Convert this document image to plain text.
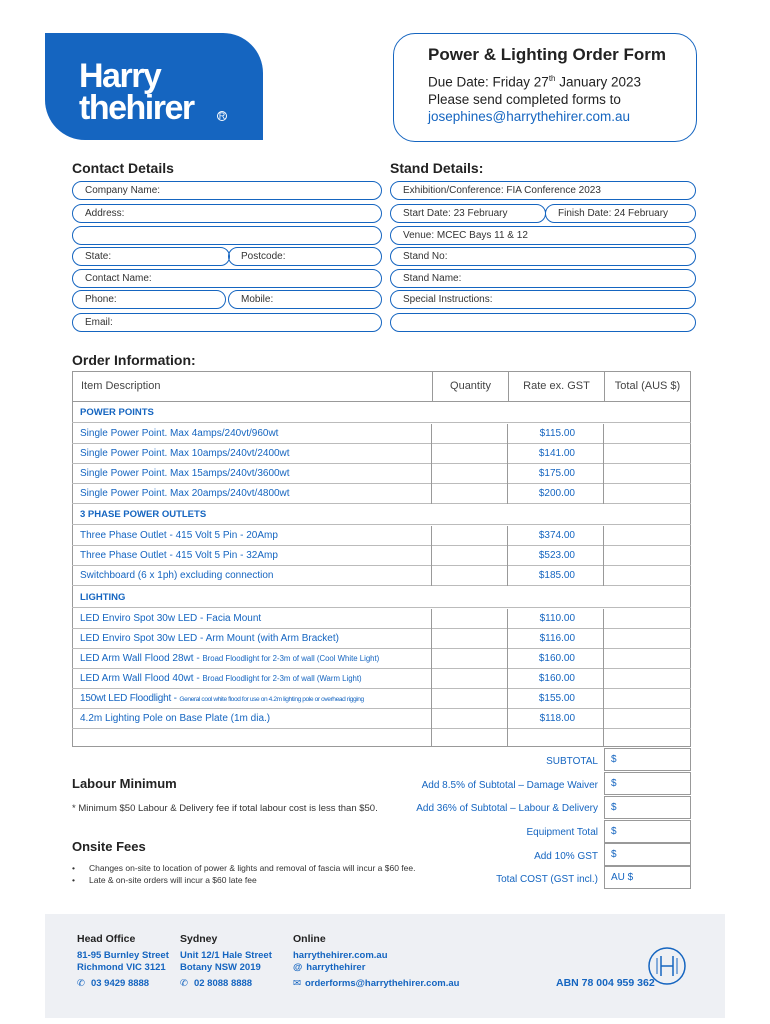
Harry
thehirer	R
Power & Lighting Order Form
Due Date: Friday 27th January 2023
Please send completed forms to
josephines@harrythehirer.com.au
Contact Details
Company Name:
Address:
State:	Postcode:
Contact Name:
Phone:	Mobile:
Email:
Stand Details:
Exhibition/Conference: FIA Conference 2023
Start Date: 23 February	Finish Date: 24 February
Venue: MCEC Bays 11 & 12
Stand No:
Stand Name:
Special Instructions:
Order Information:
Item Description	Quantity	Rate ex. GST	Total (AUS $)
POWER POINTS
Single Power Point. Max 4amps/240vt/960wt	$115.00
Single Power Point. Max 10amps/240vt/2400wt	$141.00
Single Power Point. Max 15amps/240vt/3600wt	$175.00
Single Power Point. Max 20amps/240vt/4800wt	$200.00
3 PHASE POWER OUTLETS
Three Phase Outlet - 415 Volt 5 Pin - 20Amp	$374.00
Three Phase Outlet - 415 Volt 5 Pin - 32Amp	$523.00
Switchboard (6 x 1ph) excluding connection	$185.00
LIGHTING
LED Enviro Spot 30w LED - Facia Mount	$110.00
LED Enviro Spot 30w LED - Arm Mount (with Arm Bracket)	$116.00
LED Arm Wall Flood 28wt - Broad Floodlight for 2-3m of wall (Cool White Light)	$160.00
LED Arm Wall Flood 40wt - Broad Floodlight for 2-3m of wall (Warm Light)	$160.00
150wt LED Floodlight - General cool white flood for use on 4.2m lighting pole or overhead rigging	$155.00
4.2m Lighting Pole on Base Plate (1m dia.)	$118.00
SUBTOTAL	$
Add 8.5% of Subtotal – Damage Waiver	$
Add 36% of Subtotal – Labour & Delivery	$
Equipment Total	$
Add 10% GST	$
Total COST (GST incl.)	AU $
Labour Minimum
* Minimum $50 Labour & Delivery fee if total labour cost is less than $50.
Onsite Fees
• Changes on-site to location of power & lights and removal of fascia will incur a $60 fee.
• Late & on-site orders will incur a $60 late fee
Head Office
81-95 Burnley Street
Richmond VIC 3121
✆ 03 9429 8888
Sydney
Unit 12/1 Hale Street
Botany NSW 2019
✆ 02 8088 8888
Online
harrythehirer.com.au
@ harrythehirer
✉ orderforms@harrythehirer.com.au	ABN 78 004 959 362
